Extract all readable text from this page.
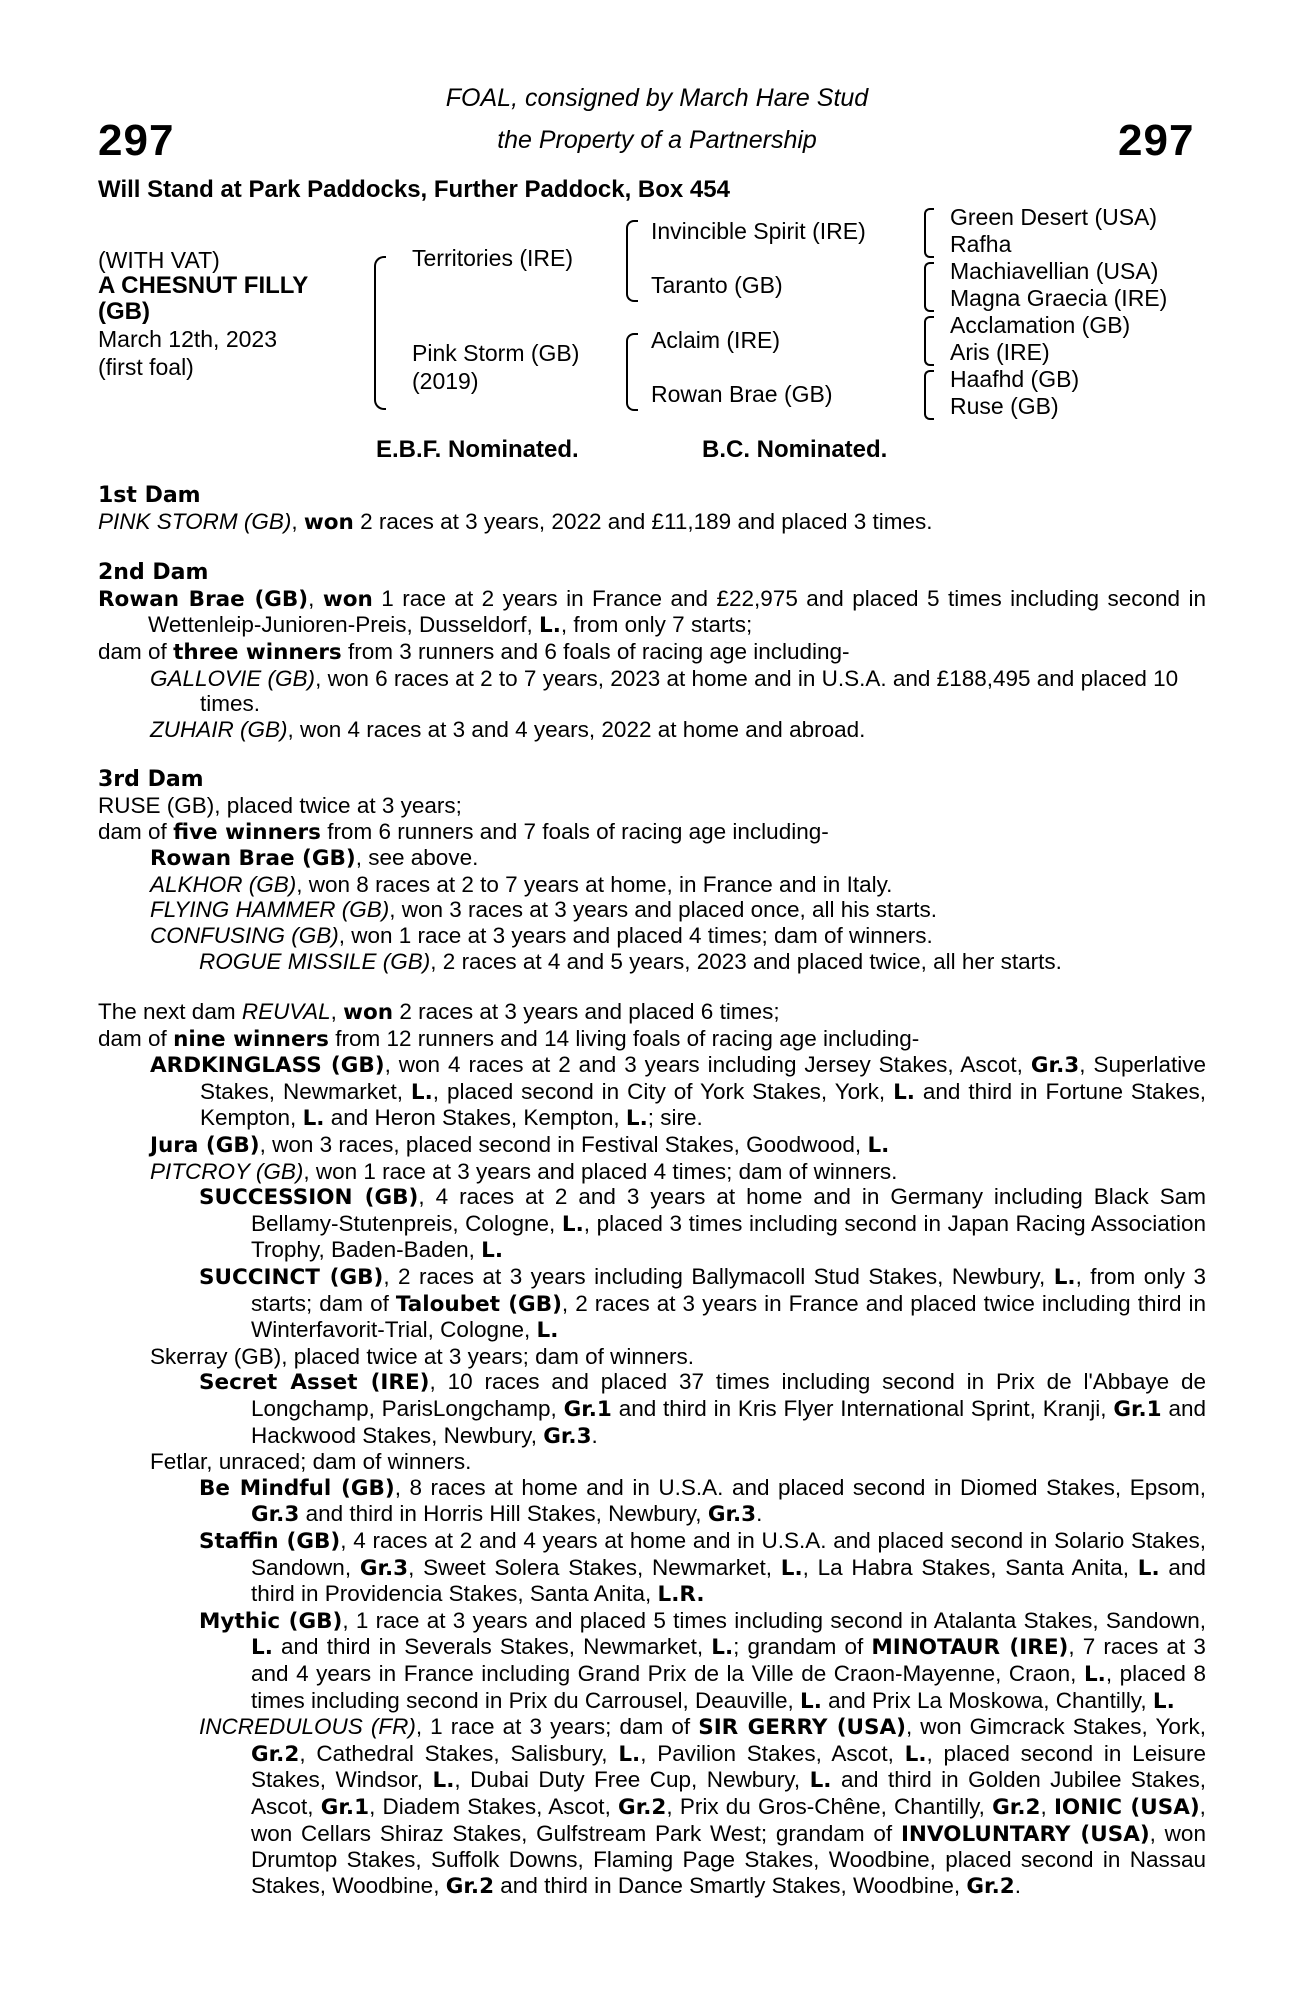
297	297
FOAL, consigned by March Hare Stud
the Property of a Partnership
Will Stand at Park Paddocks, Further Paddock, Box 454
(WITH VAT)
A CHESNUT FILLY
(GB)
March 12th, 2023
(first foal)
Territories (IRE)
Pink Storm (GB)
(2019)
Invincible Spirit (IRE)
Taranto (GB)
Aclaim (IRE)
Rowan Brae (GB)
Green Desert (USA)
Rafha
Machiavellian (USA)
Magna Graecia (IRE)
Acclamation (GB)
Aris (IRE)
Haafhd (GB)
Ruse (GB)
E.B.F. Nominated.	B.C. Nominated.
1st Dam
PINK STORM (GB), won 2 races at 3 years, 2022 and £11,189 and placed 3 times.
2nd Dam
Rowan Brae (GB), won 1 race at 2 years in France and £22,975 and placed 5 times including second in Wettenleip-Junioren-Preis, Dusseldorf, L., from only 7 starts;
dam of three winners from 3 runners and 6 foals of racing age including-
GALLOVIE (GB), won 6 races at 2 to 7 years, 2023 at home and in U.S.A. and £188,495 and placed 10 times.
ZUHAIR (GB), won 4 races at 3 and 4 years, 2022 at home and abroad.
3rd Dam
RUSE (GB), placed twice at 3 years;
dam of five winners from 6 runners and 7 foals of racing age including-
Rowan Brae (GB), see above.
ALKHOR (GB), won 8 races at 2 to 7 years at home, in France and in Italy.
FLYING HAMMER (GB), won 3 races at 3 years and placed once, all his starts.
CONFUSING (GB), won 1 race at 3 years and placed 4 times; dam of winners.
ROGUE MISSILE (GB), 2 races at 4 and 5 years, 2023 and placed twice, all her starts.
The next dam REUVAL, won 2 races at 3 years and placed 6 times;
dam of nine winners from 12 runners and 14 living foals of racing age including-
ARDKINGLASS (GB), won 4 races at 2 and 3 years including Jersey Stakes, Ascot, Gr.3, Superlative Stakes, Newmarket, L., placed second in City of York Stakes, York, L. and third in Fortune Stakes, Kempton, L. and Heron Stakes, Kempton, L.; sire.
Jura (GB), won 3 races, placed second in Festival Stakes, Goodwood, L.
PITCROY (GB), won 1 race at 3 years and placed 4 times; dam of winners.
SUCCESSION (GB), 4 races at 2 and 3 years at home and in Germany including Black Sam Bellamy-Stutenpreis, Cologne, L., placed 3 times including second in Japan Racing Association Trophy, Baden-Baden, L.
SUCCINCT (GB), 2 races at 3 years including Ballymacoll Stud Stakes, Newbury, L., from only 3 starts; dam of Taloubet (GB), 2 races at 3 years in France and placed twice including third in Winterfavorit-Trial, Cologne, L.
Skerray (GB), placed twice at 3 years; dam of winners.
Secret Asset (IRE), 10 races and placed 37 times including second in Prix de l'Abbaye de Longchamp, ParisLongchamp, Gr.1 and third in Kris Flyer International Sprint, Kranji, Gr.1 and Hackwood Stakes, Newbury, Gr.3.
Fetlar, unraced; dam of winners.
Be Mindful (GB), 8 races at home and in U.S.A. and placed second in Diomed Stakes, Epsom, Gr.3 and third in Horris Hill Stakes, Newbury, Gr.3.
Staffin (GB), 4 races at 2 and 4 years at home and in U.S.A. and placed second in Solario Stakes, Sandown, Gr.3, Sweet Solera Stakes, Newmarket, L., La Habra Stakes, Santa Anita, L. and third in Providencia Stakes, Santa Anita, L.R.
Mythic (GB), 1 race at 3 years and placed 5 times including second in Atalanta Stakes, Sandown, L. and third in Severals Stakes, Newmarket, L.; grandam of MINOTAUR (IRE), 7 races at 3 and 4 years in France including Grand Prix de la Ville de Craon-Mayenne, Craon, L., placed 8 times including second in Prix du Carrousel, Deauville, L. and Prix La Moskowa, Chantilly, L.
INCREDULOUS (FR), 1 race at 3 years; dam of SIR GERRY (USA), won Gimcrack Stakes, York, Gr.2, Cathedral Stakes, Salisbury, L., Pavilion Stakes, Ascot, L., placed second in Leisure Stakes, Windsor, L., Dubai Duty Free Cup, Newbury, L. and third in Golden Jubilee Stakes, Ascot, Gr.1, Diadem Stakes, Ascot, Gr.2, Prix du Gros-Chêne, Chantilly, Gr.2, IONIC (USA), won Cellars Shiraz Stakes, Gulfstream Park West; grandam of INVOLUNTARY (USA), won Drumtop Stakes, Suffolk Downs, Flaming Page Stakes, Woodbine, placed second in Nassau Stakes, Woodbine, Gr.2 and third in Dance Smartly Stakes, Woodbine, Gr.2.
